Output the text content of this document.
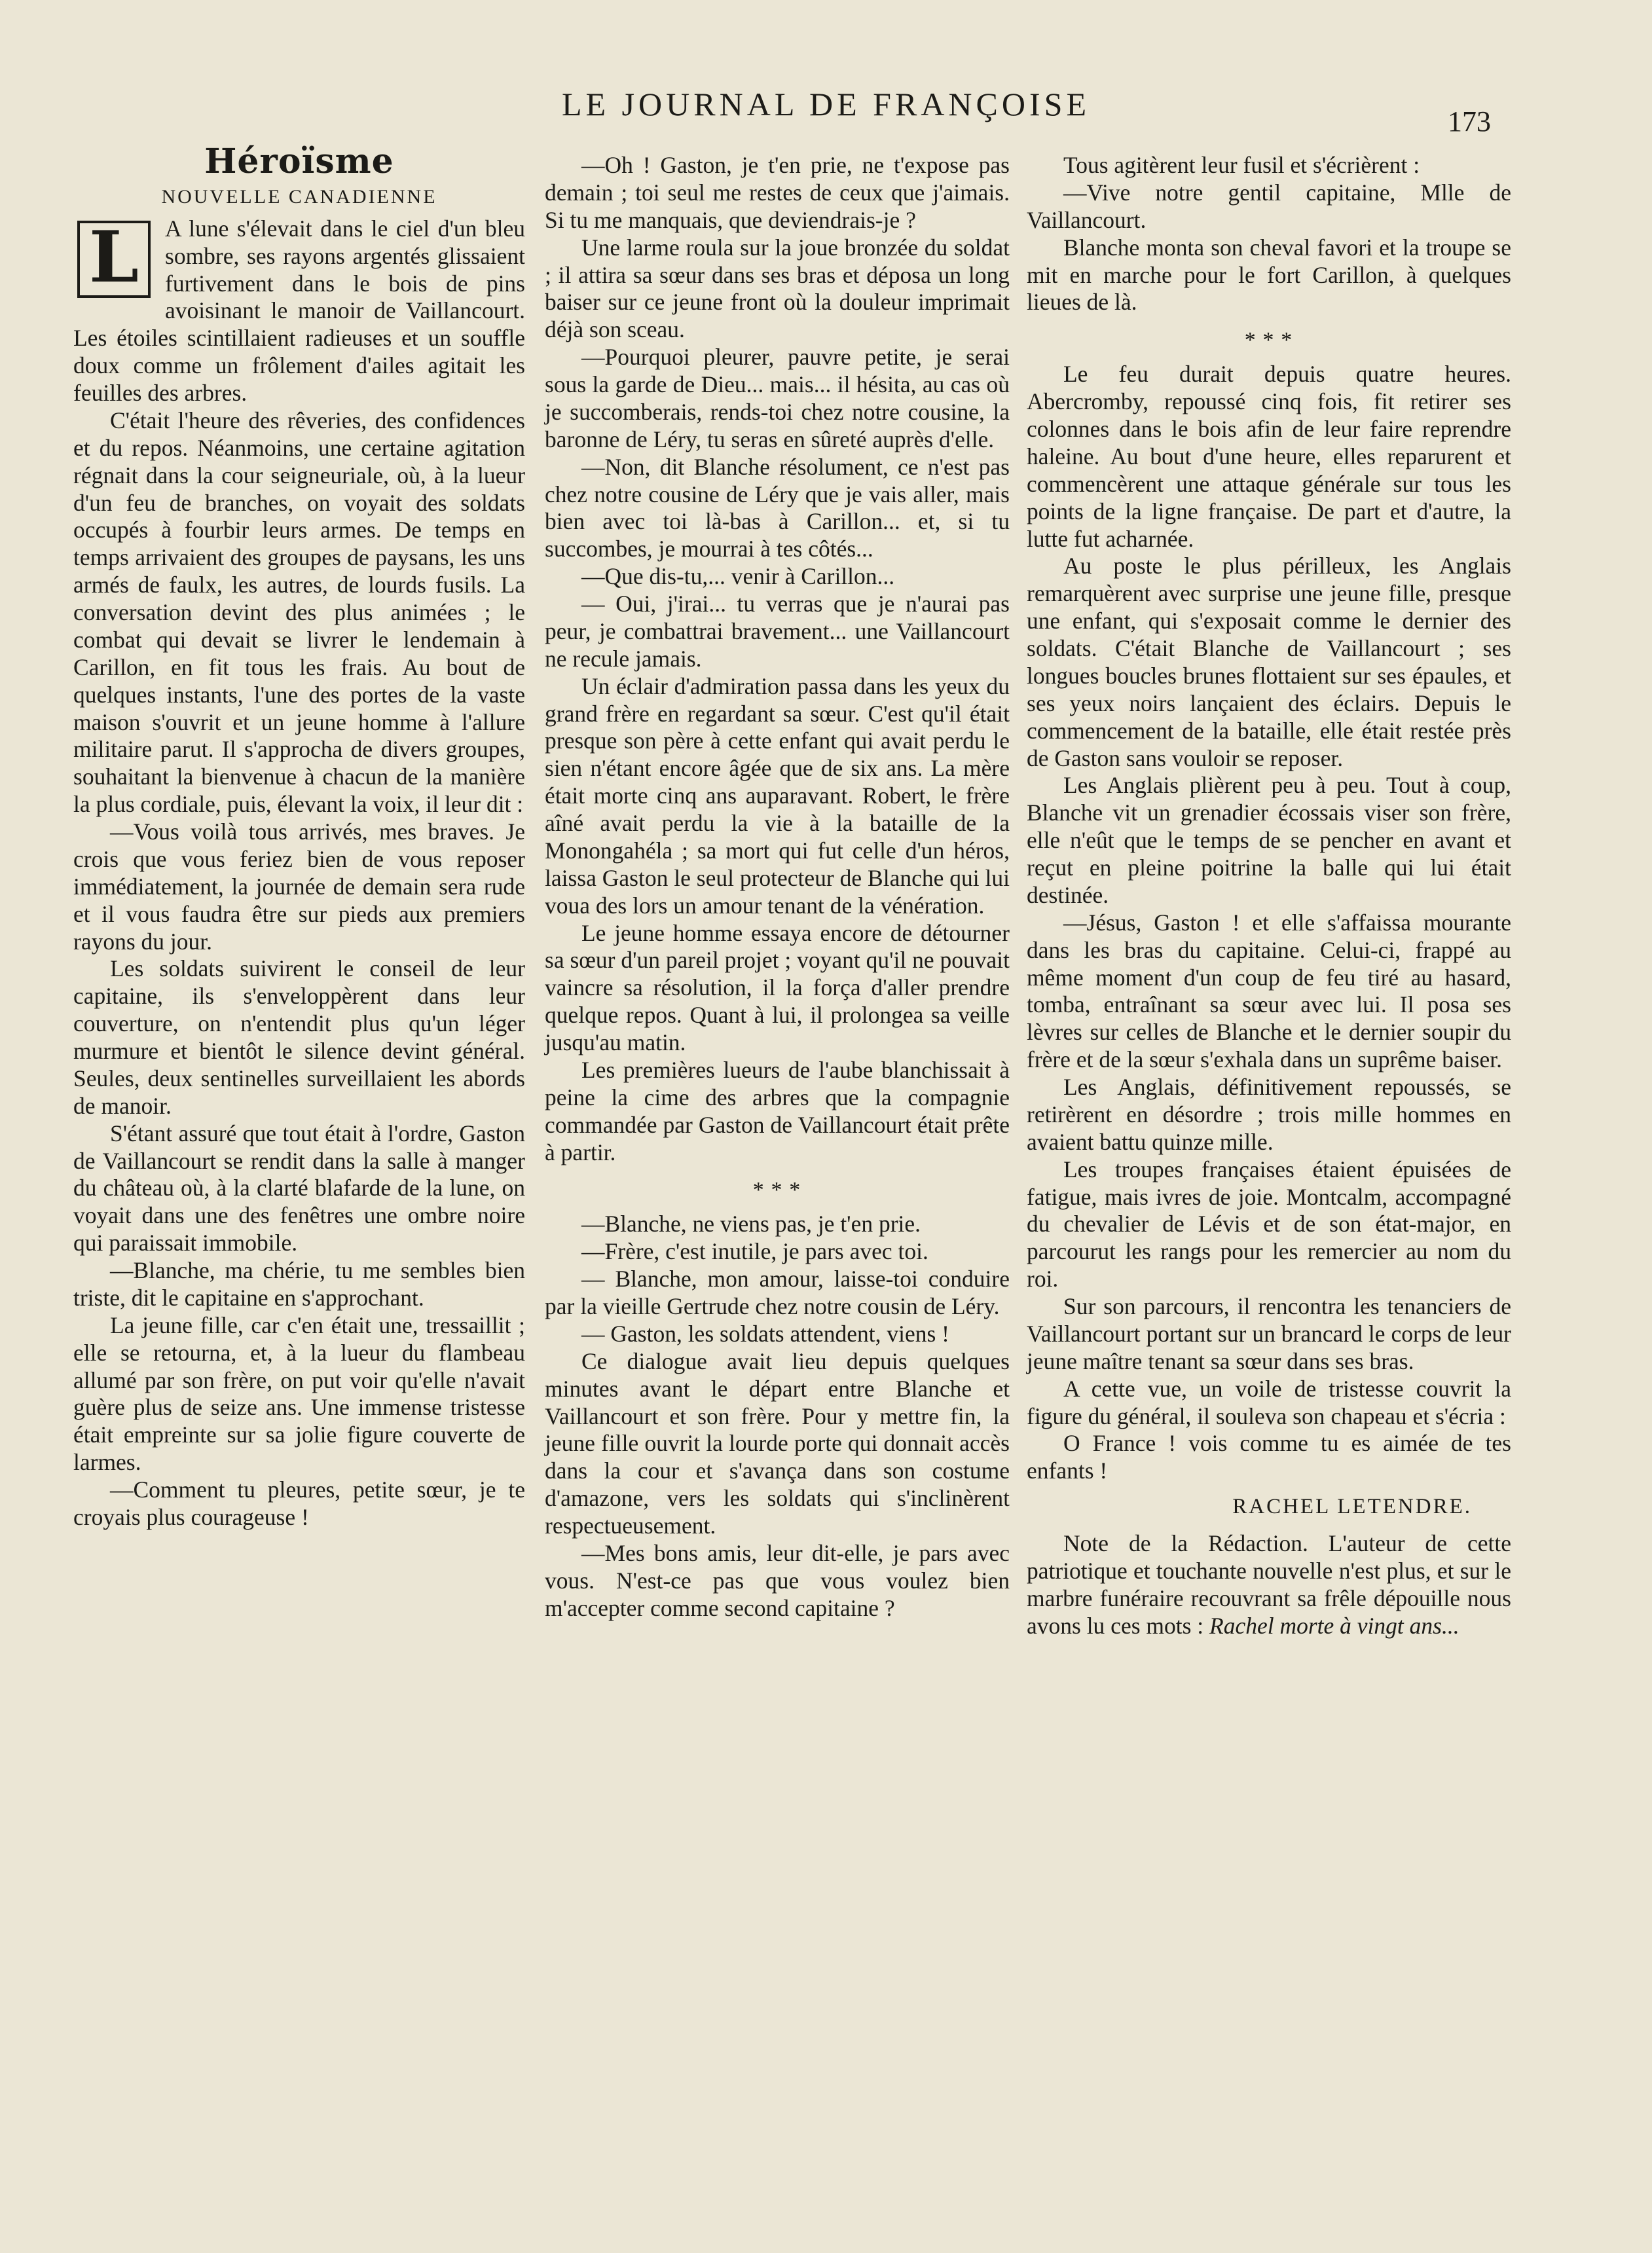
LE JOURNAL DE FRANÇOISE	173
Héroïsme
NOUVELLE CANADIENNE
L	A lune s'élevait dans le ciel d'un bleu sombre, ses rayons argentés glissaient furtivement dans le bois de pins avoisinant le manoir de Vaillancourt. Les étoiles scintillaient radieuses et un souffle doux comme un frôlement d'ailes agitait les feuilles des arbres.

C'était l'heure des rêveries, des confidences et du repos. Néanmoins, une certaine agitation régnait dans la cour seigneuriale, où, à la lueur d'un feu de branches, on voyait des soldats occupés à fourbir leurs armes. De temps en temps arrivaient des groupes de paysans, les uns armés de faulx, les autres, de lourds fusils. La conversation devint des plus animées ; le combat qui devait se livrer le lendemain à Carillon, en fit tous les frais. Au bout de quelques instants, l'une des portes de la vaste maison s'ouvrit et un jeune homme à l'allure militaire parut. Il s'approcha de divers groupes, souhaitant la bienvenue à chacun de la manière la plus cordiale, puis, élevant la voix, il leur dit :

—Vous voilà tous arrivés, mes braves. Je crois que vous feriez bien de vous reposer immédiatement, la journée de demain sera rude et il vous faudra être sur pieds aux premiers rayons du jour.

Les soldats suivirent le conseil de leur capitaine, ils s'enveloppèrent dans leur couverture, on n'entendit plus qu'un léger murmure et bientôt le silence devint général. Seules, deux sentinelles surveillaient les abords de manoir.

S'étant assuré que tout était à l'ordre, Gaston de Vaillancourt se rendit dans la salle à manger du château où, à la clarté blafarde de la lune, on voyait dans une des fenêtres une ombre noire qui paraissait immobile.

—Blanche, ma chérie, tu me sembles bien triste, dit le capitaine en s'approchant.

La jeune fille, car c'en était une, tressaillit ; elle se retourna, et, à la lueur du flambeau allumé par son frère, on put voir qu'elle n'avait guère plus de seize ans. Une immense tristesse était empreinte sur sa jolie figure couverte de larmes.

—Comment tu pleures, petite sœur, je te croyais plus courageuse !

—Oh ! Gaston, je t'en prie, ne t'expose pas demain ; toi seul me restes de ceux que j'aimais. Si tu me manquais, que deviendrais-je ?

Une larme roula sur la joue bronzée du soldat ; il attira sa sœur dans ses bras et déposa un long baiser sur ce jeune front où la douleur imprimait déjà son sceau.

—Pourquoi pleurer, pauvre petite, je serai sous la garde de Dieu... mais... il hésita, au cas où je succomberais, rends-toi chez notre cousine, la baronne de Léry, tu seras en sûreté auprès d'elle.

—Non, dit Blanche résolument, ce n'est pas chez notre cousine de Léry que je vais aller, mais bien avec toi là-bas à Carillon... et, si tu succombes, je mourrai à tes côtés...

—Que dis-tu,... venir à Carillon...

— Oui, j'irai... tu verras que je n'aurai pas peur, je combattrai bravement... une Vaillancourt ne recule jamais.

Un éclair d'admiration passa dans les yeux du grand frère en regardant sa sœur. C'est qu'il était presque son père à cette enfant qui avait perdu le sien n'étant encore âgée que de six ans. La mère était morte cinq ans auparavant. Robert, le frère aîné avait perdu la vie à la bataille de la Monongahéla ; sa mort qui fut celle d'un héros, laissa Gaston le seul protecteur de Blanche qui lui voua des lors un amour tenant de la vénération.

Le jeune homme essaya encore de détourner sa sœur d'un pareil projet ; voyant qu'il ne pouvait vaincre sa résolution, il la força d'aller prendre quelque repos. Quant à lui, il prolongea sa veille jusqu'au matin.

Les premières lueurs de l'aube blanchissait à peine la cime des arbres que la compagnie commandée par Gaston de Vaillancourt était prête à partir.

* * *

—Blanche, ne viens pas, je t'en prie.

—Frère, c'est inutile, je pars avec toi.

— Blanche, mon amour, laisse-toi conduire par la vieille Gertrude chez notre cousin de Léry.

— Gaston, les soldats attendent, viens !

Ce dialogue avait lieu depuis quelques minutes avant le départ entre Blanche et Vaillancourt et son frère. Pour y mettre fin, la jeune fille ouvrit la lourde porte qui donnait accès dans la cour et s'avança dans son costume d'amazone, vers les soldats qui s'inclinèrent respectueusement.

—Mes bons amis, leur dit-elle, je pars avec vous. N'est-ce pas que vous voulez bien m'accepter comme second capitaine ?

Tous agitèrent leur fusil et s'écrièrent :

—Vive notre gentil capitaine, Mlle de Vaillancourt.

Blanche monta son cheval favori et la troupe se mit en marche pour le fort Carillon, à quelques lieues de là.

* * *

Le feu durait depuis quatre heures. Abercromby, repoussé cinq fois, fit retirer ses colonnes dans le bois afin de leur faire reprendre haleine. Au bout d'une heure, elles reparurent et commencèrent une attaque générale sur tous les points de la ligne française. De part et d'autre, la lutte fut acharnée.

Au poste le plus périlleux, les Anglais remarquèrent avec surprise une jeune fille, presque une enfant, qui s'exposait comme le dernier des soldats. C'était Blanche de Vaillancourt ; ses longues boucles brunes flottaient sur ses épaules, et ses yeux noirs lançaient des éclairs. Depuis le commencement de la bataille, elle était restée près de Gaston sans vouloir se reposer.

Les Anglais plièrent peu à peu. Tout à coup, Blanche vit un grenadier écossais viser son frère, elle n'eût que le temps de se pencher en avant et reçut en pleine poitrine la balle qui lui était destinée.

—Jésus, Gaston ! et elle s'affaissa mourante dans les bras du capitaine. Celui-ci, frappé au même moment d'un coup de feu tiré au hasard, tomba, entraînant sa sœur avec lui. Il posa ses lèvres sur celles de Blanche et le dernier soupir du frère et de la sœur s'exhala dans un suprême baiser.

Les Anglais, définitivement repoussés, se retirèrent en désordre ; trois mille hommes en avaient battu quinze mille.

Les troupes françaises étaient épuisées de fatigue, mais ivres de joie. Montcalm, accompagné du chevalier de Lévis et de son état-major, en parcourut les rangs pour les remercier au nom du roi.

Sur son parcours, il rencontra les tenanciers de Vaillancourt portant sur un brancard le corps de leur jeune maître tenant sa sœur dans ses bras.

A cette vue, un voile de tristesse couvrit la figure du général, il souleva son chapeau et s'écria :

O France ! vois comme tu es aimée de tes enfants !

RACHEL LETENDRE.

Note de la Rédaction. L'auteur de cette patriotique et touchante nouvelle n'est plus, et sur le marbre funéraire recouvrant sa frêle dépouille nous avons lu ces mots : Rachel morte à vingt ans...
